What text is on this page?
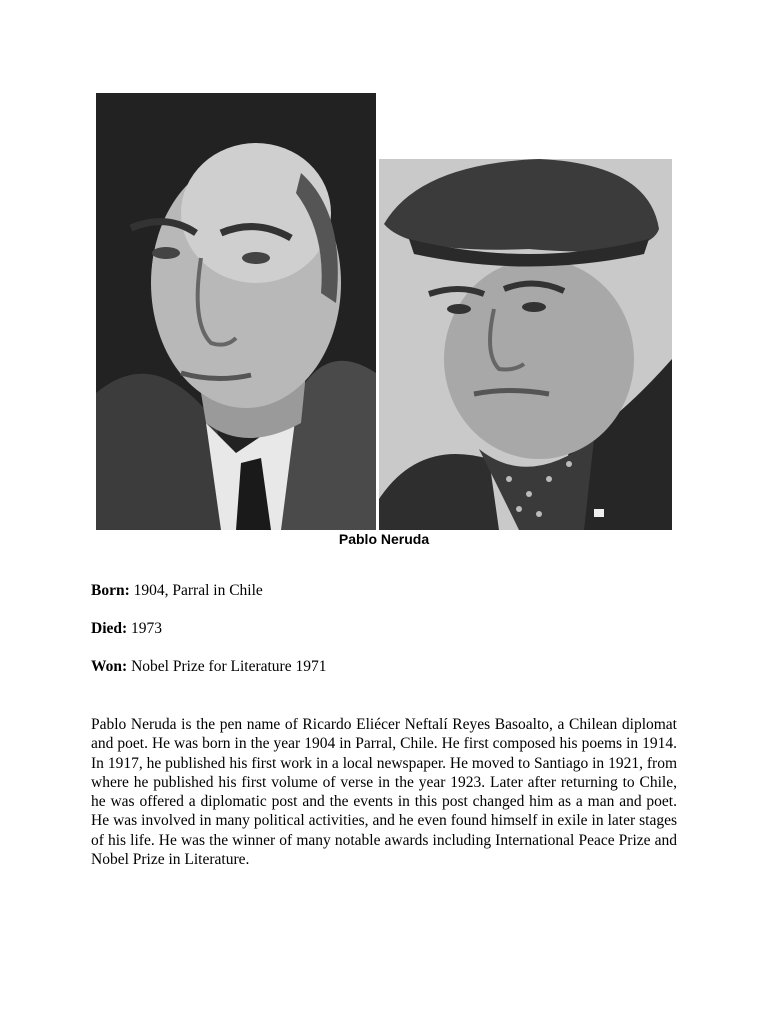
Pablo Neruda
Born: 1904, Parral in Chile
Died: 1973
Won: Nobel Prize for Literature 1971

Pablo Neruda is the pen name of Ricardo Eliécer Neftalí Reyes Basoalto, a Chilean diplomat and poet. He was born in the year 1904 in Parral, Chile. He first composed his poems in 1914. In 1917, he published his first work in a local newspaper. He moved to Santiago in 1921, from where he published his first volume of verse in the year 1923. Later after returning to Chile, he was offered a diplomatic post and the events in this post changed him as a man and poet. He was involved in many political activities, and he even found himself in exile in later stages of his life. He was the winner of many notable awards including International Peace Prize and Nobel Prize in Literature.
